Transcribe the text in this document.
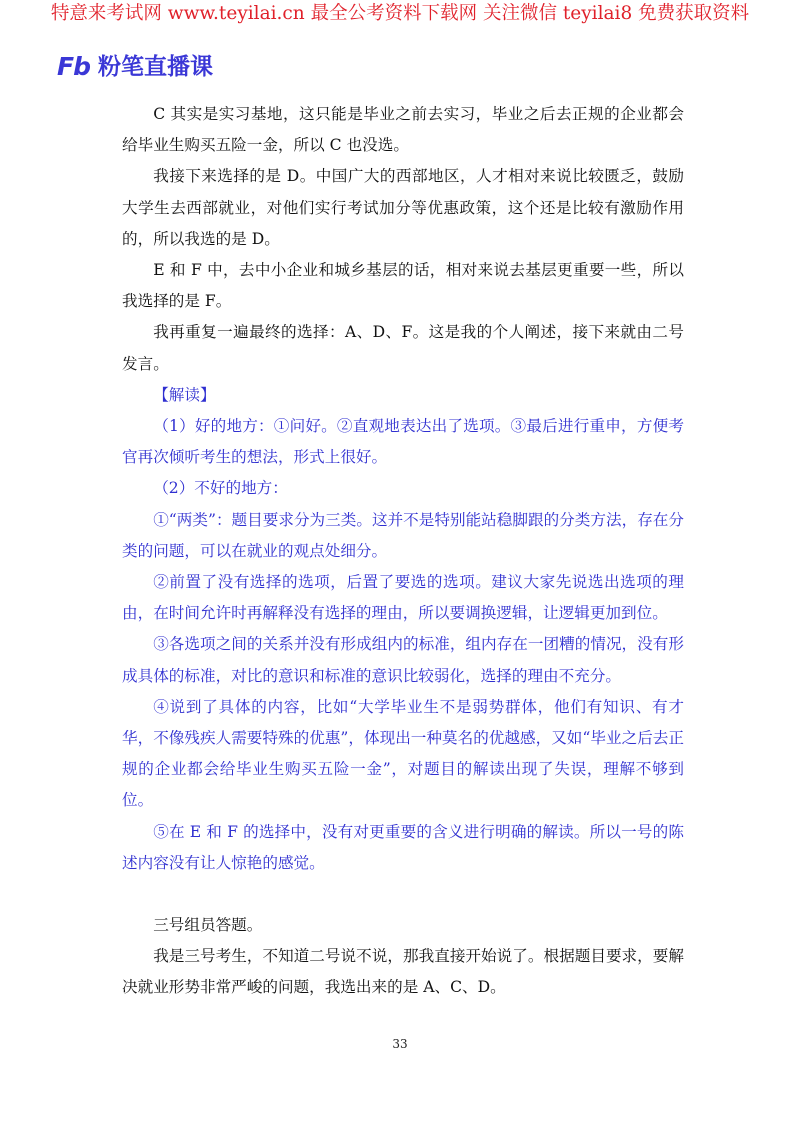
特意来考试网 www.teyilai.cn 最全公考资料下载网 关注微信 teyilai8 免费获取资料
Fb 粉笔直播课

C 其实是实习基地，这只能是毕业之前去实习，毕业之后去正规的企业都会给毕业生购买五险一金，所以 C 也没选。

我接下来选择的是 D。中国广大的西部地区，人才相对来说比较匮乏，鼓励大学生去西部就业，对他们实行考试加分等优惠政策，这个还是比较有激励作用的，所以我选的是 D。

E 和 F 中，去中小企业和城乡基层的话，相对来说去基层更重要一些，所以我选择的是 F。

我再重复一遍最终的选择：A、D、F。这是我的个人阐述，接下来就由二号发言。

【解读】

（1）好的地方：①问好。②直观地表达出了选项。③最后进行重申，方便考官再次倾听考生的想法，形式上很好。

（2）不好的地方：

①“两类”：题目要求分为三类。这并不是特别能站稳脚跟的分类方法，存在分类的问题，可以在就业的观点处细分。

②前置了没有选择的选项，后置了要选的选项。建议大家先说选出选项的理由，在时间允许时再解释没有选择的理由，所以要调换逻辑，让逻辑更加到位。

③各选项之间的关系并没有形成组内的标准，组内存在一团糟的情况，没有形成具体的标准，对比的意识和标准的意识比较弱化，选择的理由不充分。

④说到了具体的内容，比如“大学毕业生不是弱势群体，他们有知识、有才华，不像残疾人需要特殊的优惠”，体现出一种莫名的优越感，又如“毕业之后去正规的企业都会给毕业生购买五险一金”，对题目的解读出现了失误，理解不够到位。

⑤在 E 和 F 的选择中，没有对更重要的含义进行明确的解读。所以一号的陈述内容没有让人惊艳的感觉。

三号组员答题。

我是三号考生，不知道二号说不说，那我直接开始说了。根据题目要求，要解决就业形势非常严峻的问题，我选出来的是 A、C、D。

33
